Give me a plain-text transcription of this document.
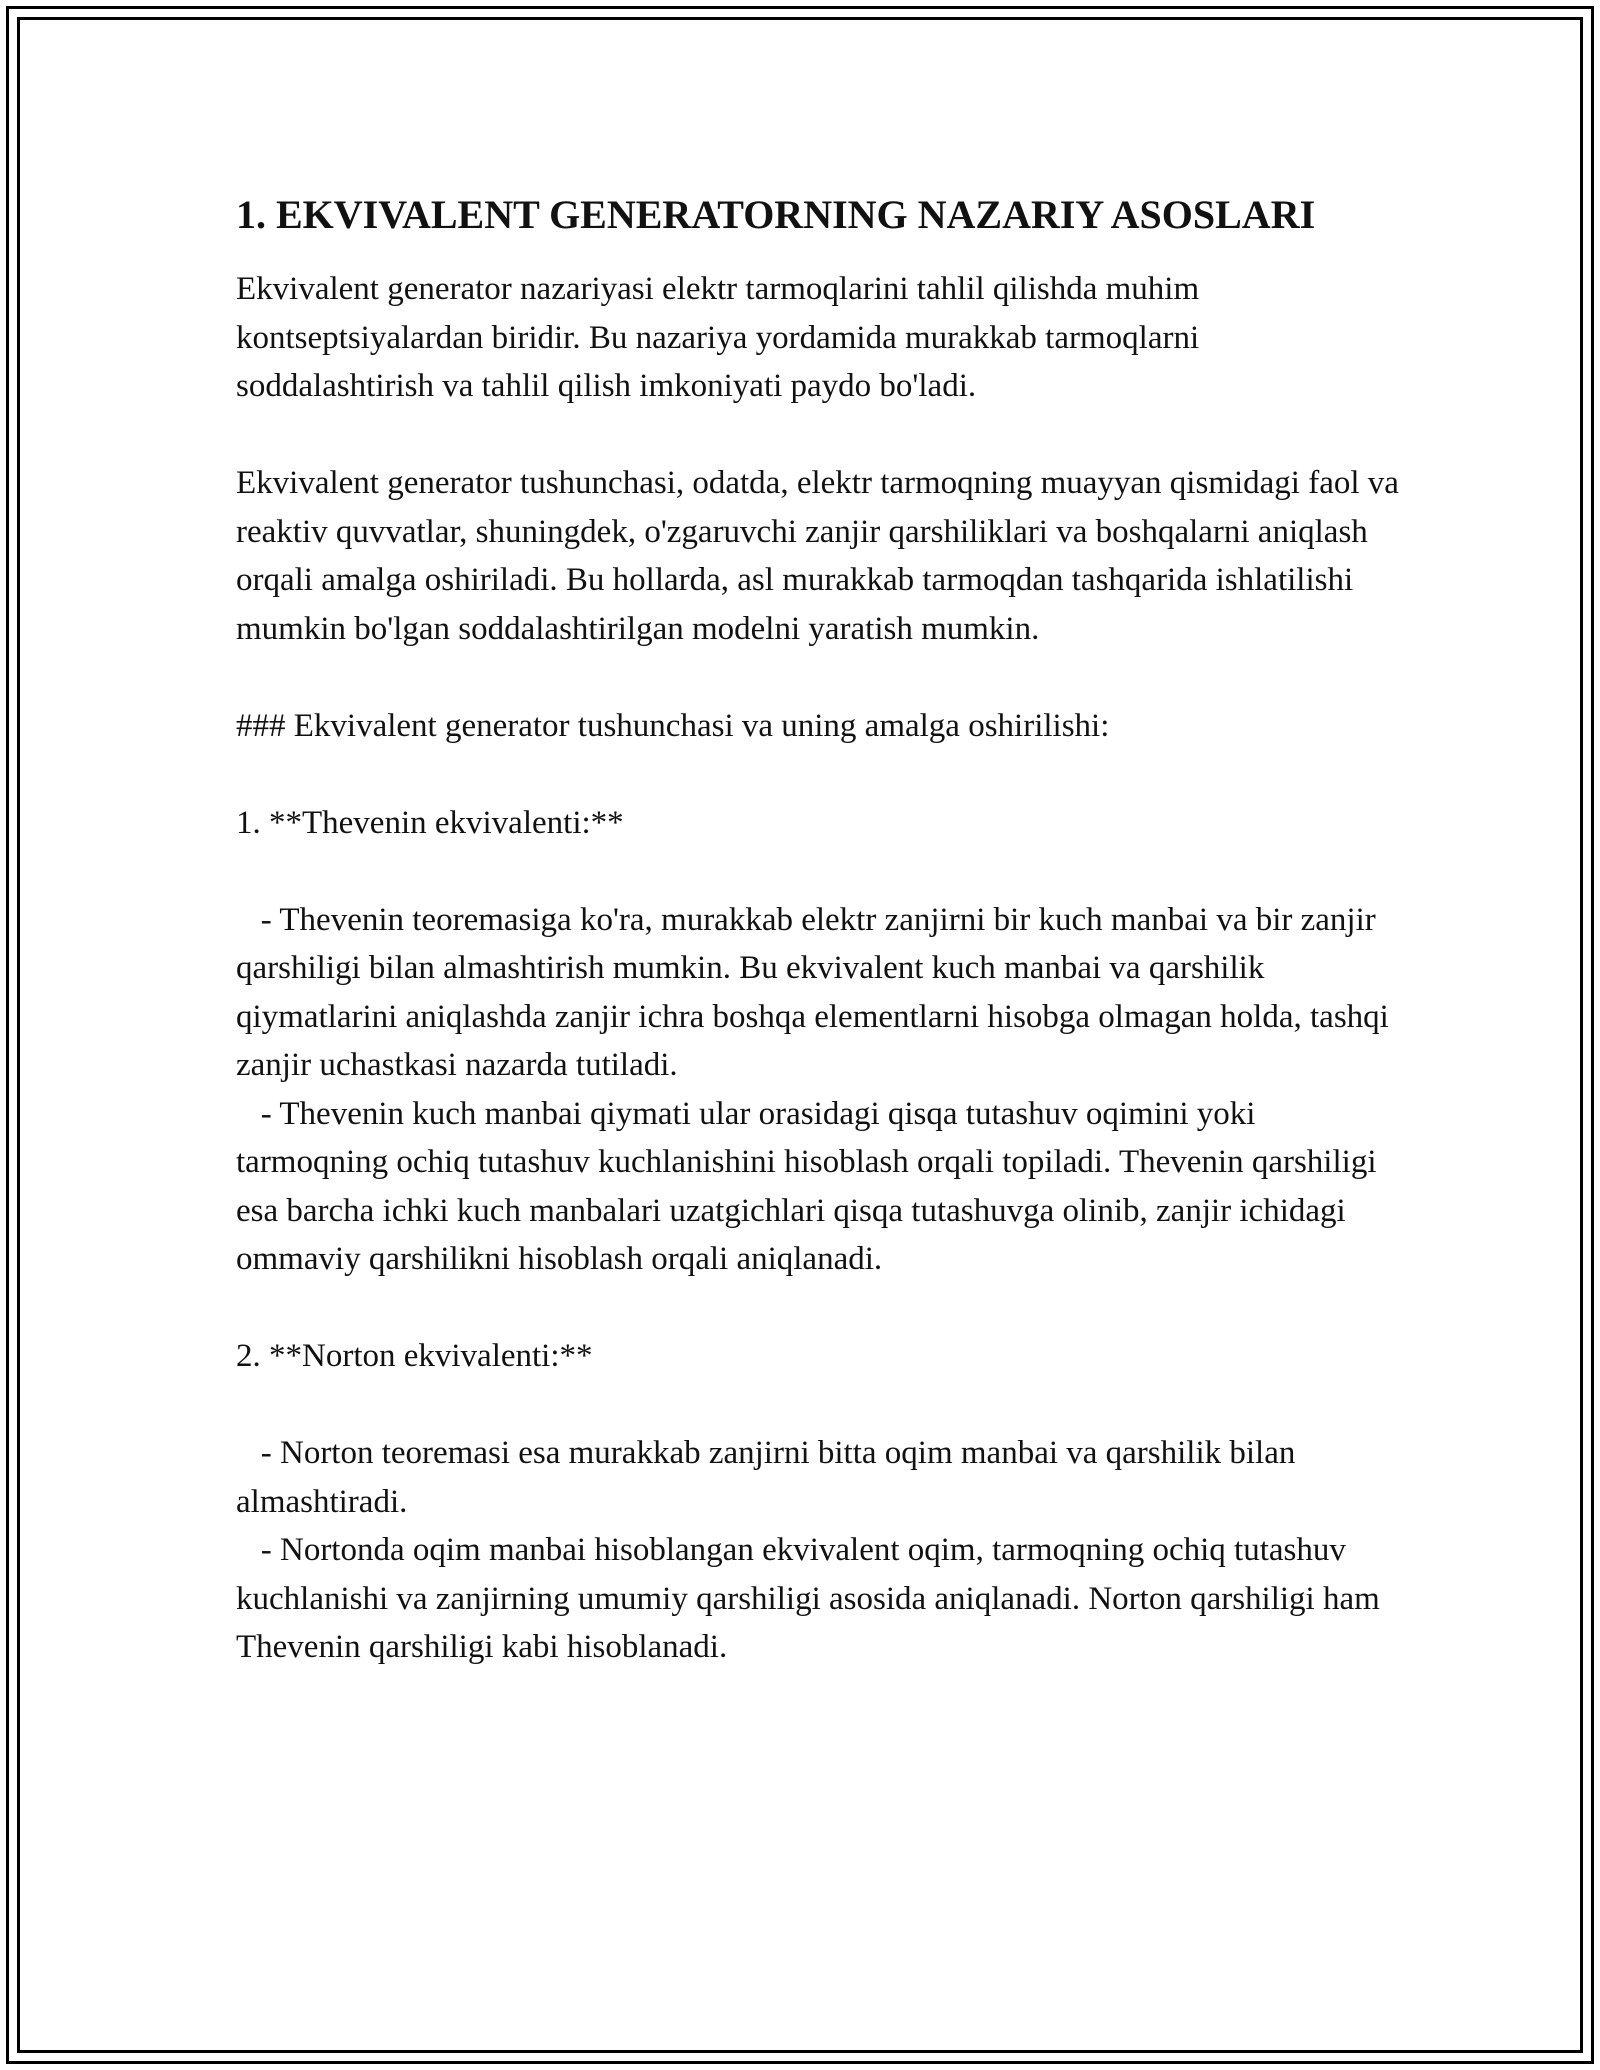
1. EKVIVALENT GENERATORNING NAZARIY ASOSLARI

Ekvivalent generator nazariyasi elektr tarmoqlarini tahlil qilishda muhim kontseptsiyalardan biridir. Bu nazariya yordamida murakkab tarmoqlarni soddalashtirish va tahlil qilish imkoniyati paydo bo'ladi.

Ekvivalent generator tushunchasi, odatda, elektr tarmoqning muayyan qismidagi faol va reaktiv quvvatlar, shuningdek, o'zgaruvchi zanjir qarshiliklari va boshqalarni aniqlash orqali amalga oshiriladi. Bu hollarda, asl murakkab tarmoqdan tashqarida ishlatilishi mumkin bo'lgan soddalashtirilgan modelni yaratish mumkin.

### Ekvivalent generator tushunchasi va uning amalga oshirilishi:

1. **Thevenin ekvivalenti:**

- Thevenin teoremasiga ko'ra, murakkab elektr zanjirni bir kuch manbai va bir zanjir qarshiligi bilan almashtirish mumkin. Bu ekvivalent kuch manbai va qarshilik qiymatlarini aniqlashda zanjir ichra boshqa elementlarni hisobga olmagan holda, tashqi zanjir uchastkasi nazarda tutiladi.

- Thevenin kuch manbai qiymati ular orasidagi qisqa tutashuv oqimini yoki tarmoqning ochiq tutashuv kuchlanishini hisoblash orqali topiladi. Thevenin qarshiligi esa barcha ichki kuch manbalari uzatgichlari qisqa tutashuvga olinib, zanjir ichidagi ommaviy qarshilikni hisoblash orqali aniqlanadi.

2. **Norton ekvivalenti:**

- Norton teoremasi esa murakkab zanjirni bitta oqim manbai va qarshilik bilan almashtiradi.

- Nortonda oqim manbai hisoblangan ekvivalent oqim, tarmoqning ochiq tutashuv kuchlanishi va zanjirning umumiy qarshiligi asosida aniqlanadi. Norton qarshiligi ham Thevenin qarshiligi kabi hisoblanadi.
